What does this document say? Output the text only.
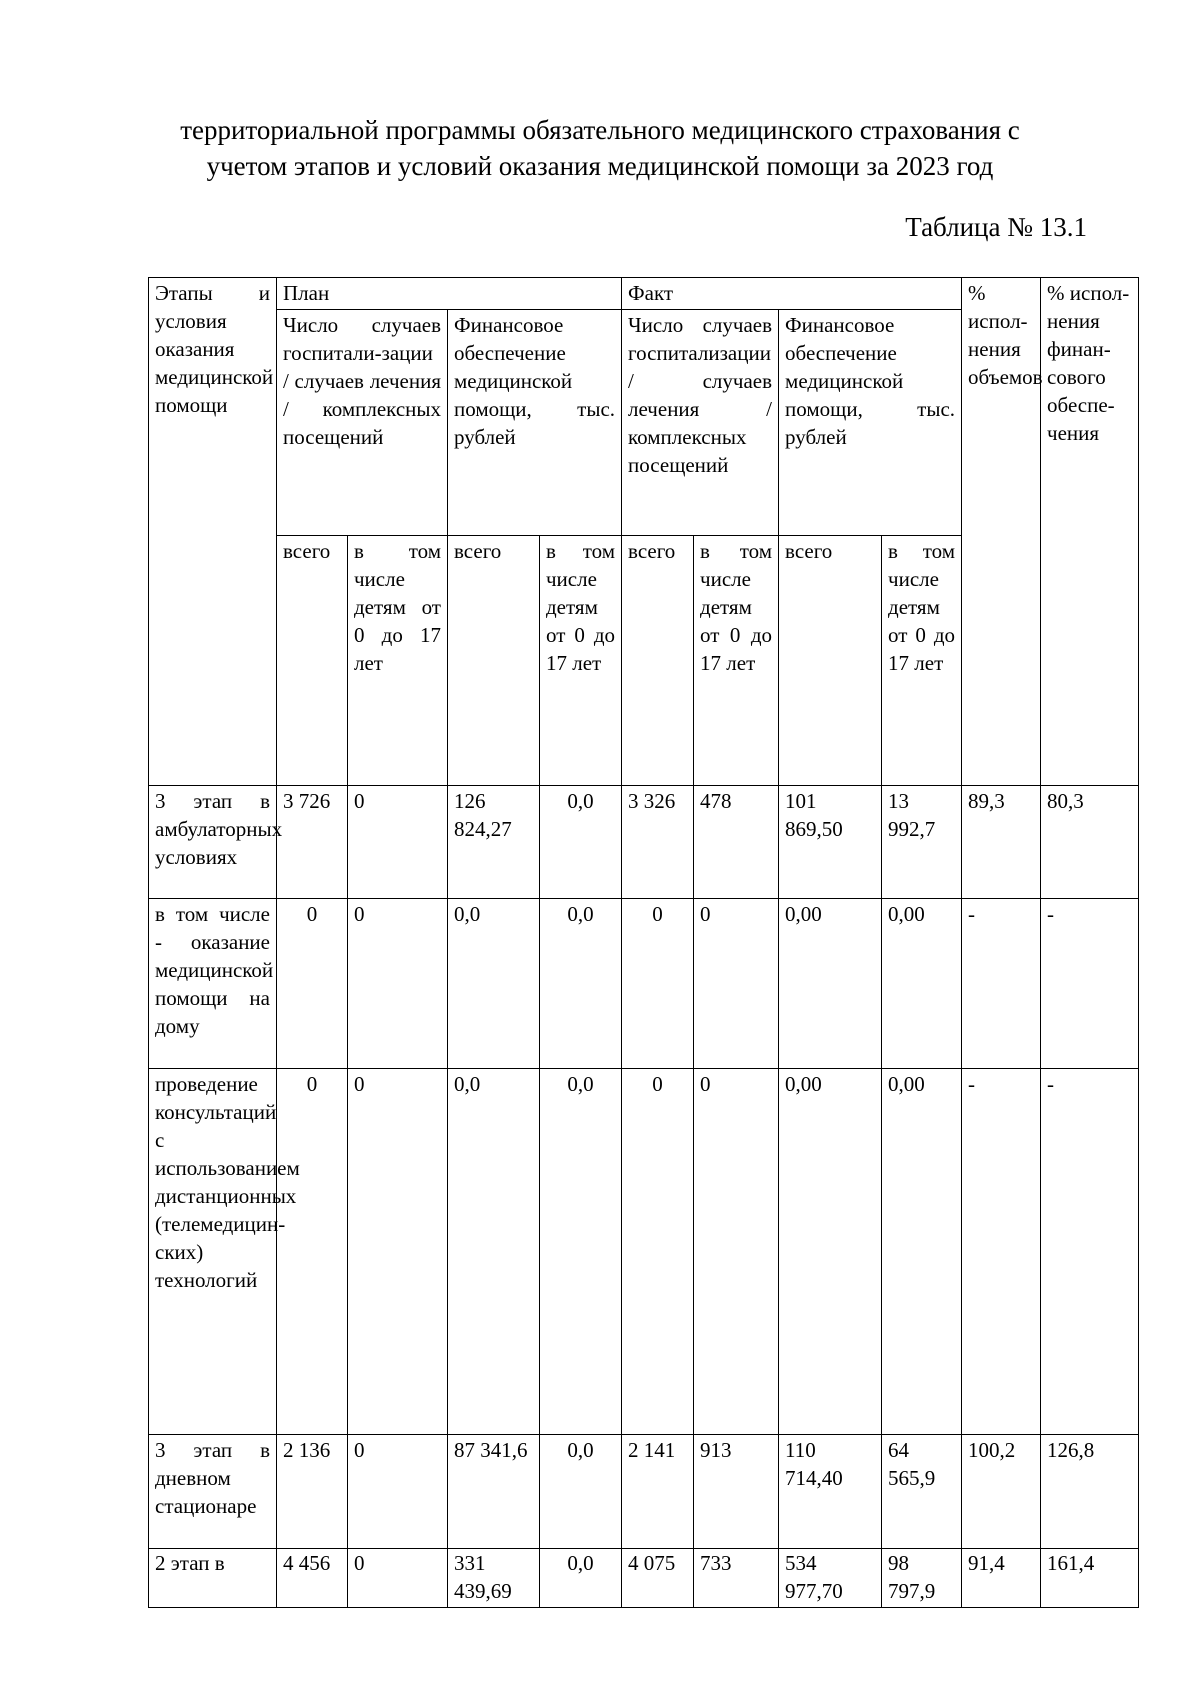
территориальной программы обязательного медицинского страхования с
учетом этапов и условий оказания медицинской помощи за 2023 год
Таблица № 13.1
Этапы и условия оказания медицинской помощи	План				Факт				% испол-нения объемов	% испол-нения финан-сового обеспе-чения
	Число случаев госпитали-зации / случаев лечения / комплексных посещений		Финансовое обеспечение медицинской помощи, тыс. рублей		Число случаев госпитализации / случаев лечения / комплексных посещений		Финансовое обеспечение медицинской помощи, тыс. рублей			
	всего	в том числе детям от 0 до 17 лет	всего	в том числе детям от 0 до 17 лет	всего	в том числе детям от 0 до 17 лет	всего	в том числе детям от 0 до 17 лет		
3 этап в амбулаторных условиях	3 726	0	126 824,27	0,0	3 326	478	101 869,50	13 992,7	89,3	80,3
в том числе - оказание медицинской помощи на дому	0	0	0,0	0,0	0	0	0,00	0,00	-	-
проведение консультаций с использованием дистанционных (телемедицин-ских) технологий	0	0	0,0	0,0	0	0	0,00	0,00	-	-
3 этап в дневном стационаре	2 136	0	87 341,6	0,0	2 141	913	110 714,40	64 565,9	100,2	126,8
2 этап в	4 456	0	331 439,69	0,0	4 075	733	534 977,70	98 797,9	91,4	161,4
